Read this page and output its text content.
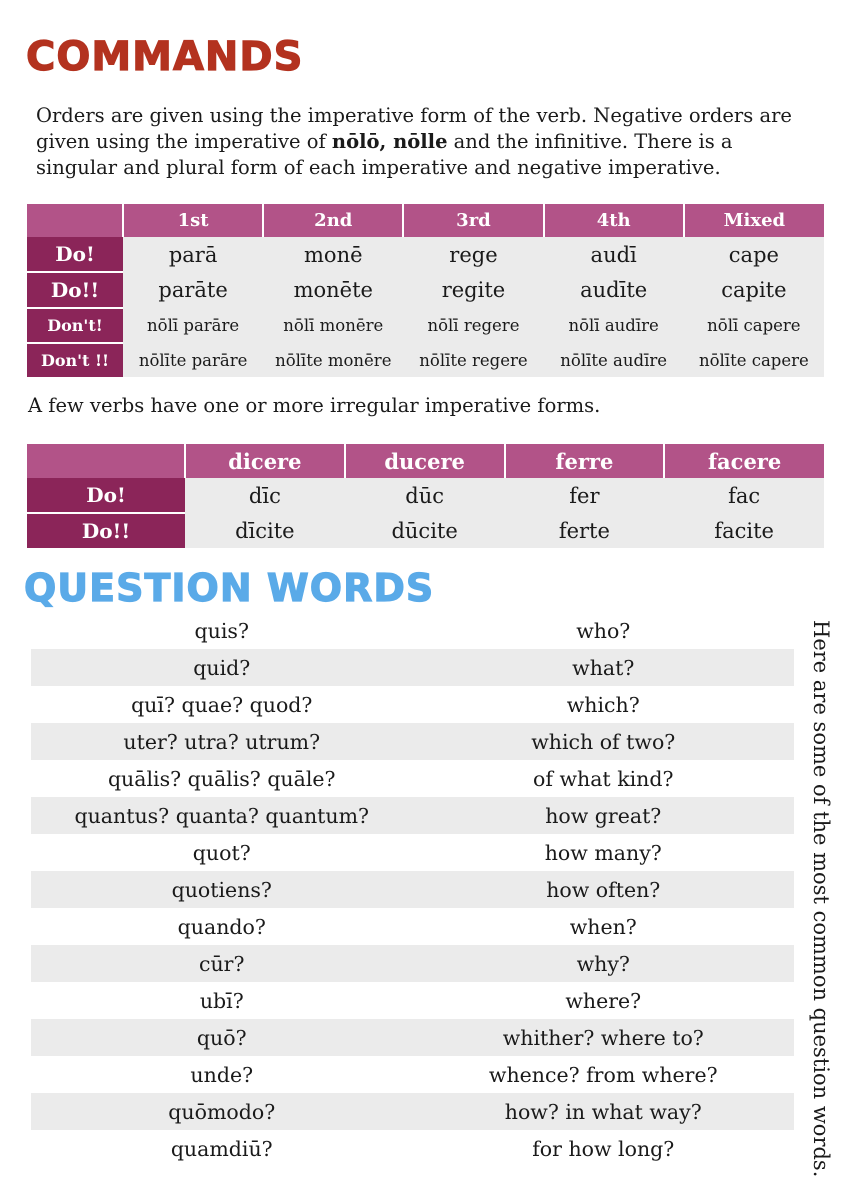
COMMANDS

Orders are given using the imperative form of the verb. Negative orders are given using the imperative of nōlō, nōlle and the infinitive. There is a singular and plural form of each imperative and negative imperative.

	1st	2nd	3rd	4th	Mixed
Do!	parā	monē	rege	audī	cape
Do!!	parāte	monēte	regite	audīte	capite
Don't!	nōlī parāre	nōlī monēre	nōlī regere	nōlī audīre	nōlī capere
Don't !!	nōlīte parāre	nōlīte monēre	nōlīte regere	nōlīte audīre	nōlīte capere

A few verbs have one or more irregular imperative forms.

	dicere	ducere	ferre	facere
Do!	dīc	dūc	fer	fac
Do!!	dīcite	dūcite	ferte	facite
QUESTION WORDS
quis?	who?
quid?	what?
quī? quae? quod?	which?
uter? utra? utrum?	which of two?
quālis? quālis? quāle?	of what kind?
quantus? quanta? quantum?	how great?
quot?	how many?
quotiens?	how often?
quando?	when?
cūr?	why?
ubī?	where?
quō?	whither? where to?
unde?	whence? from where?
quōmodo?	how? in what way?
quamdiū?	for how long?	Here are some of the most common question words.
